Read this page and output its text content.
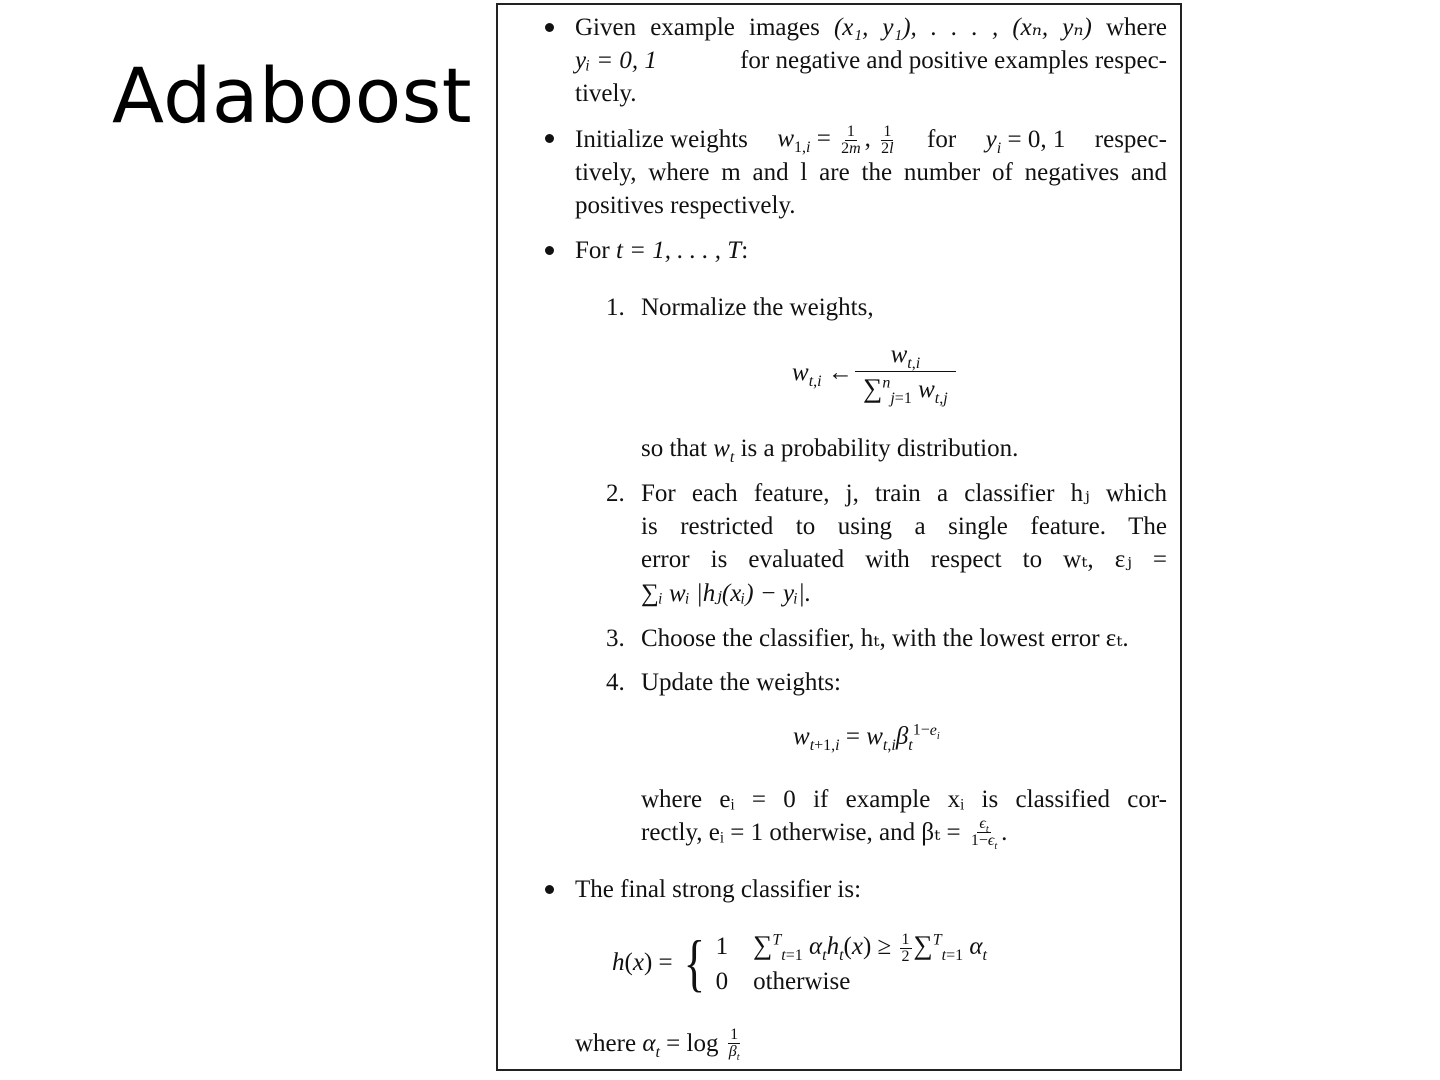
Adaboost
Given example images (x₁, y₁), . . . , (xₙ, yₙ) where
yᵢ = 0, 1	for negative and positive examples respec-
tively.
Initialize weights $w_{1,i} = \frac{1}{2m}$ , $\frac{1}{2l}$ for $y_i = 0$, 1 respec-
tively, where m and l are the number of negatives and
positives respectively.
For t = 1, . . . , T:
1. Normalize the weights,
$w_{t,i}$ ← $\frac{w_{t,i}}{\sum^n_{j=1} w_{t,j}}$
so that $w_t$ is a probability distribution.
2. For each feature, j, train a classifier hⱼ which
is restricted to using a single feature. The
error is evaluated with respect to wₜ, εⱼ =
∑ᵢ wᵢ |hⱼ(xᵢ) − yᵢ|.
3. Choose the classifier, hₜ, with the lowest error εₜ.
4. Update the weights:
$w_{t+1,i} = w_{t,i}\beta_t^{1-e_i}$
where eᵢ = 0 if example xᵢ is classified cor-
rectly, eᵢ = 1 otherwise, and βₜ =
$\frac{\epsilon_t}{1-\epsilon_t}$ .
The final strong classifier is:
h(x) = { 1    ∑$^T_{t=1}$ $\alpha_th_t(x) \ge \frac{1}{2} \sum^T_{t=1}$ $\alpha_t$
0    otherwise
where
$\alpha_t = \log$
$\frac{1}{\beta_t}$
